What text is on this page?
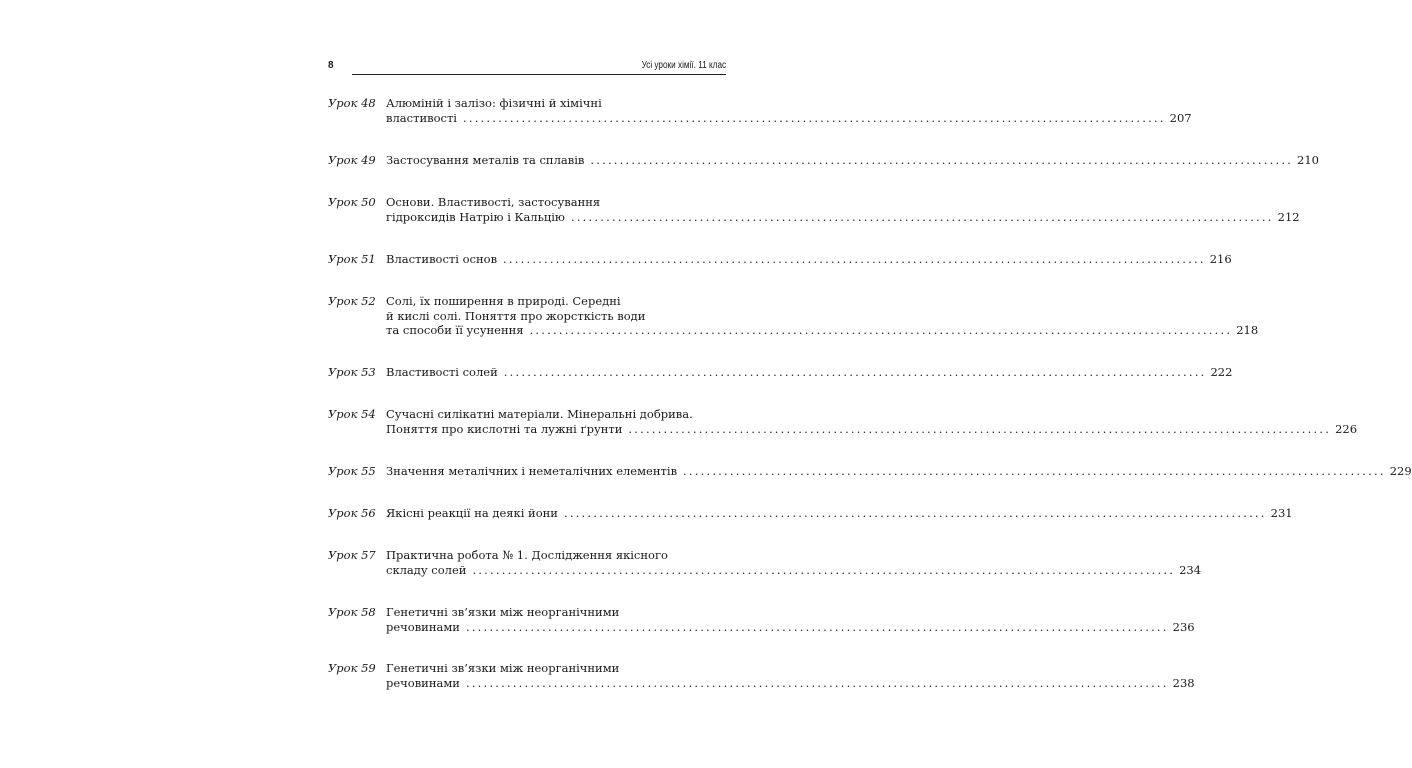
8	Усі уроки хімії. 11 клас
Урок 48 Алюміній і залізо: фізичні й хімічні
властивості ........................................................................................................................ 207
Урок 49 Застосування металів та сплавів ........................................................................................................................ 210
Урок 50 Основи. Властивості, застосування
гідроксидів Натрію і Кальцію ........................................................................................................................ 212
Урок 51 Властивості основ ........................................................................................................................ 216
Урок 52 Солі, їх поширення в природі. Середні
й кислі солі. Поняття про жорсткість води
та способи її усунення ........................................................................................................................ 218
Урок 53 Властивості солей ........................................................................................................................ 222
Урок 54 Сучасні силікатні матеріали. Мінеральні добрива.
Поняття про кислотні та лужні ґрунти ........................................................................................................................ 226
Урок 55 Значення металічних і неметалічних елементів ........................................................................................................................ 229
Урок 56 Якісні реакції на деякі йони ........................................................................................................................ 231
Урок 57 Практична робота № 1. Дослідження якісного
складу солей ........................................................................................................................ 234
Урок 58 Генетичні зв’язки між неорганічними
речовинами ........................................................................................................................ 236
Урок 59 Генетичні зв’язки між неорганічними
речовинами ........................................................................................................................ 238
